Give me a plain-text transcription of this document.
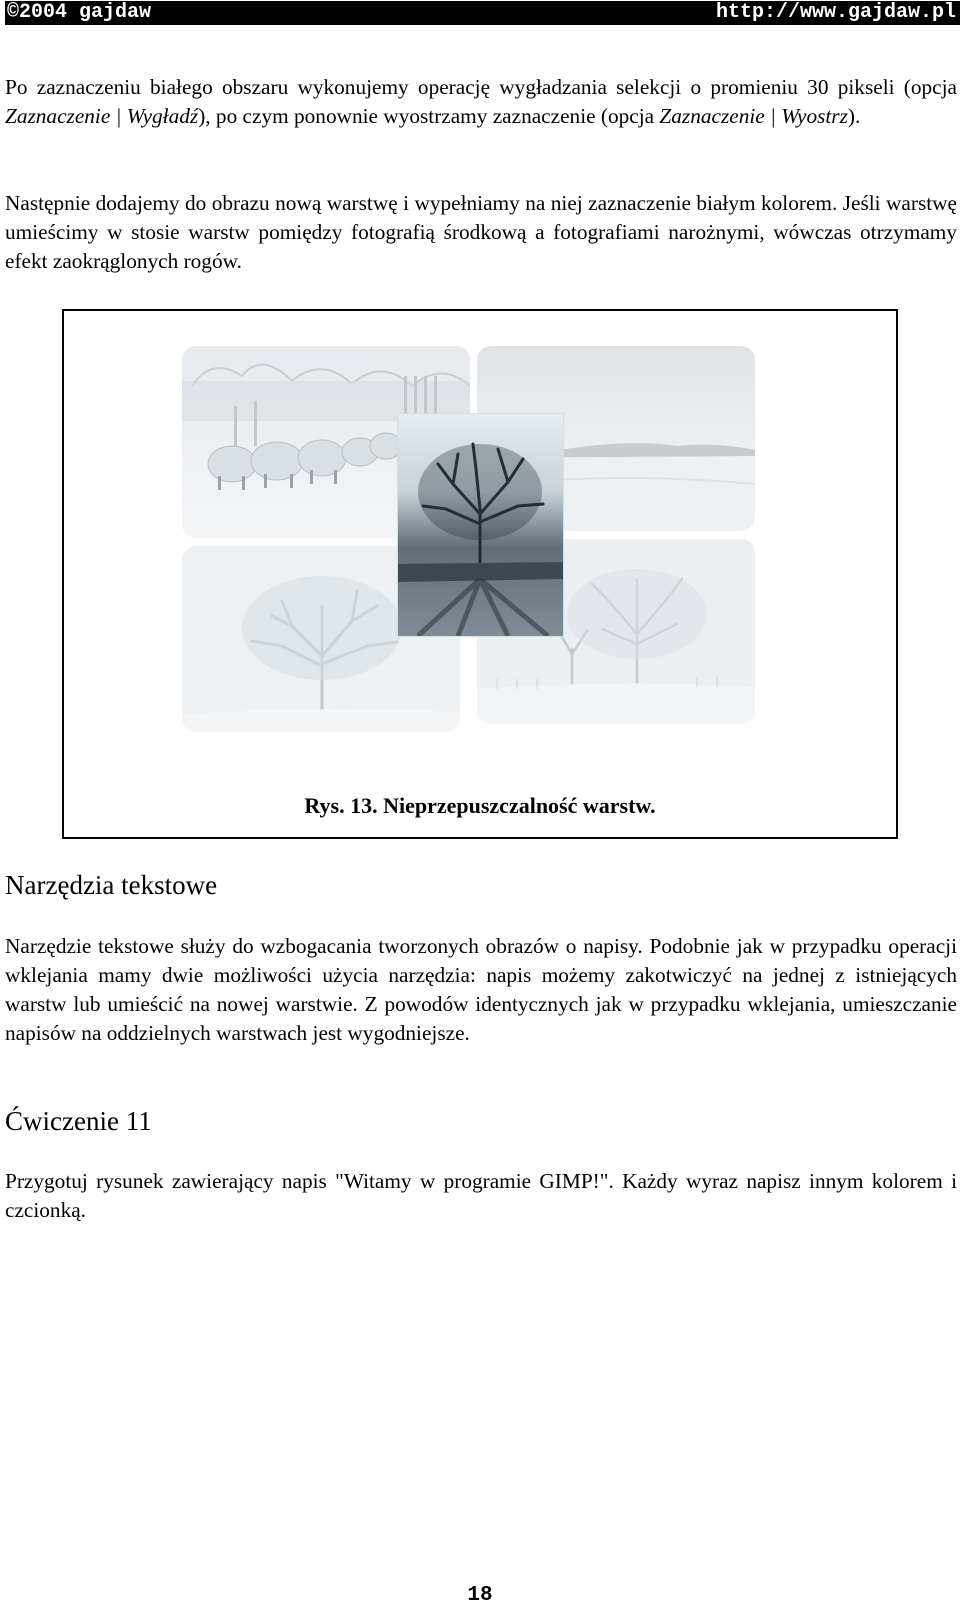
©2004 gajdaw	http://www.gajdaw.pl

Po zaznaczeniu białego obszaru wykonujemy operację wygładzania selekcji o promieniu 30 pikseli (opcja Zaznaczenie | Wygładź), po czym ponownie wyostrzamy zaznaczenie (opcja Zaznaczenie | Wyostrz).

Następnie dodajemy do obrazu nową warstwę i wypełniamy na niej zaznaczenie białym kolorem. Jeśli warstwę umieścimy w stosie warstw pomiędzy fotografią środkową a fotografiami narożnymi, wówczas otrzymamy efekt zaokrąglonych rogów.

Rys. 13. Nieprzepuszczalność warstw.
Narzędzia tekstowe

Narzędzie tekstowe służy do wzbogacania tworzonych obrazów o napisy. Podobnie jak w przypadku operacji wklejania mamy dwie możliwości użycia narzędzia: napis możemy zakotwiczyć na jednej z istniejących warstw lub umieścić na nowej warstwie. Z powodów identycznych jak w przypadku wklejania, umieszczanie napisów na oddzielnych warstwach jest wygodniejsze.

Ćwiczenie 11

Przygotuj rysunek zawierający napis "Witamy w programie GIMP!". Każdy wyraz napisz innym kolorem i czcionką.

18
